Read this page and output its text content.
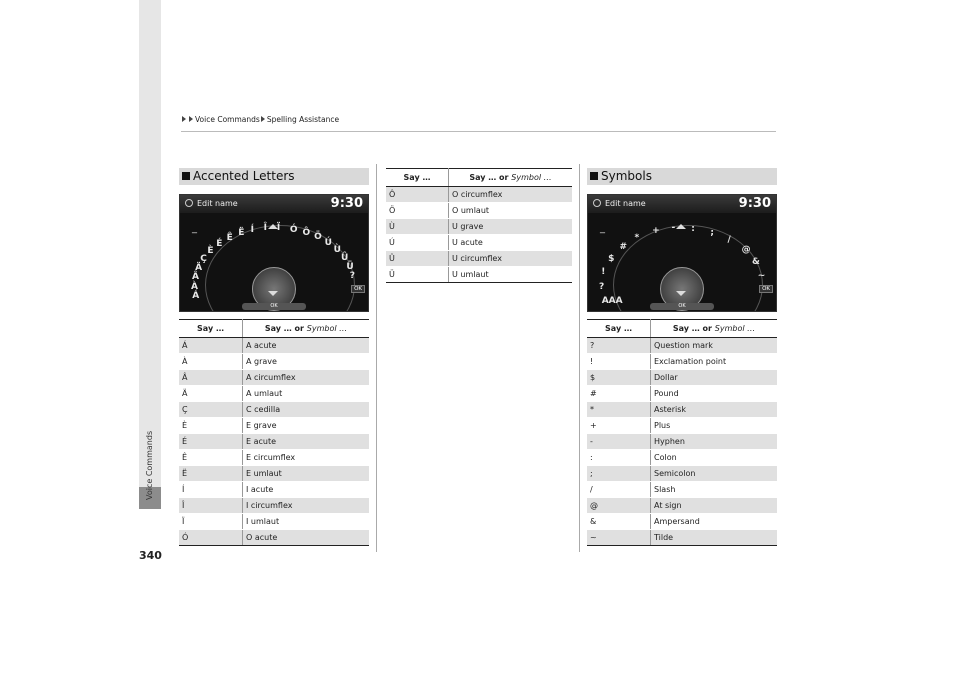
Voice Commands
Voice Commands Spelling Assistance
340
Accented Letters
Edit name	9:30
_
Á
À
Â
Ä
Ç
È
É
Ê Ë Í Î Ï Ó Ô Ö
Ú
Ù
Û
Ü
?
OK
OK
Say …	Say … or Symbol …
Á	A acute
À	A grave
Â	A circumflex
Ä	A umlaut
Ç	C cedilla
È	E grave
É	E acute
Ê	E circumflex
Ë	E umlaut
Í	I acute
Î	I circumflex
Ï	I umlaut
Ó	O acute
Say …	Say … or Symbol …
Ô	O circumflex
Ö	O umlaut
Ù	U grave
Ú	U acute
Û	U circumflex
Ü	U umlaut
Symbols
Edit name	9:30
_
AAA
?
!
$
#
*
+ - : ;
/
@
&
~
OK
OK
Say …	Say … or Symbol …
?	Question mark
!	Exclamation point
$	Dollar
#	Pound
*	Asterisk
+	Plus
-	Hyphen
:	Colon
;	Semicolon
/	Slash
@	At sign
&	Ampersand
~	Tilde
